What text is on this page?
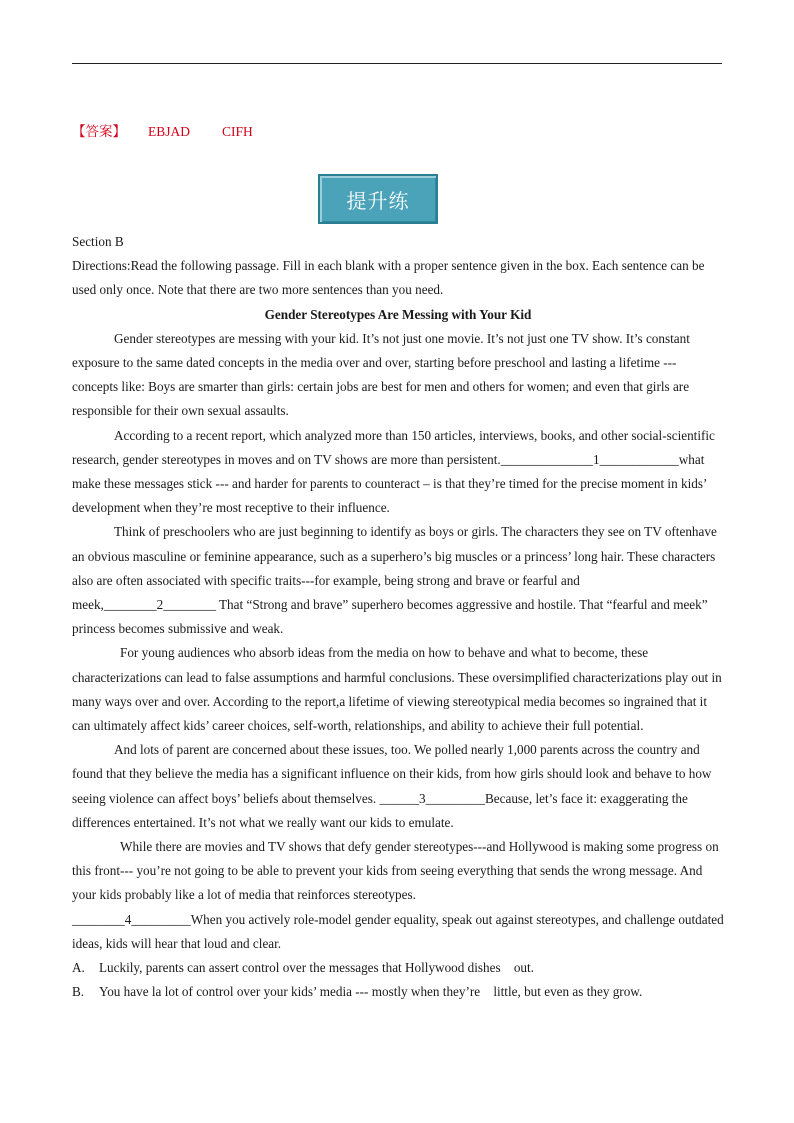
【答案】 EBJAD CIFH
提升练

Section B

Directions:Read the following passage. Fill in each blank with a proper sentence given in the box. Each sentence can be used only once. Note that there are two more sentences than you need.

Gender Stereotypes Are Messing with Your Kid

Gender stereotypes are messing with your kid. It’s not just one movie. It’s not just one TV show. It’s constant exposure to the same dated concepts in the media over and over, starting before preschool and lasting a lifetime --- concepts like: Boys are smarter than girls: certain jobs are best for men and others for women; and even that girls are responsible for their own sexual assaults.

According to a recent report, which analyzed more than 150 articles, interviews, books, and other social-scientific research, gender stereotypes in moves and on TV shows are more than persistent.______________1____________what make these messages stick --- and harder for parents to counteract – is that they’re timed for the precise moment in kids’ development when they’re most receptive to their influence.

Think of preschoolers who are just beginning to identify as boys or girls. The characters they see on TV oftenhave an obvious masculine or feminine appearance, such as a superhero’s big muscles or a princess’ long hair. These characters also are often associated with specific traits---for example, being strong and brave or fearful and meek,________2________ That “Strong and brave” superhero becomes aggressive and hostile. That “fearful and meek” princess becomes submissive and weak.

For young audiences who absorb ideas from the media on how to behave and what to become, these characterizations can lead to false assumptions and harmful conclusions. These oversimplified characterizations play out in many ways over and over. According to the report,a lifetime of viewing stereotypical media becomes so ingrained that it can ultimately affect kids’ career choices, self-worth, relationships, and ability to achieve their full potential.

And lots of parent are concerned about these issues, too. We polled nearly 1,000 parents across the country and found that they believe the media has a significant influence on their kids, from how girls should look and behave to how seeing violence can affect boys’ beliefs about themselves. ______3_________Because, let’s face it: exaggerating the differences entertained. It’s not what we really want our kids to emulate.

While there are movies and TV shows that defy gender stereotypes---and Hollywood is making some progress on this front--- you’re not going to be able to prevent your kids from seeing everything that sends the wrong message. And your kids probably like a lot of media that reinforces stereotypes.

________4_________When you actively role-model gender equality, speak out against stereotypes, and challenge outdated ideas, kids will hear that loud and clear.

A. Luckily, parents can assert control over the messages that Hollywood dishes    out.

B. You have la lot of control over your kids’ media --- mostly when they’re    little, but even as they grow.
